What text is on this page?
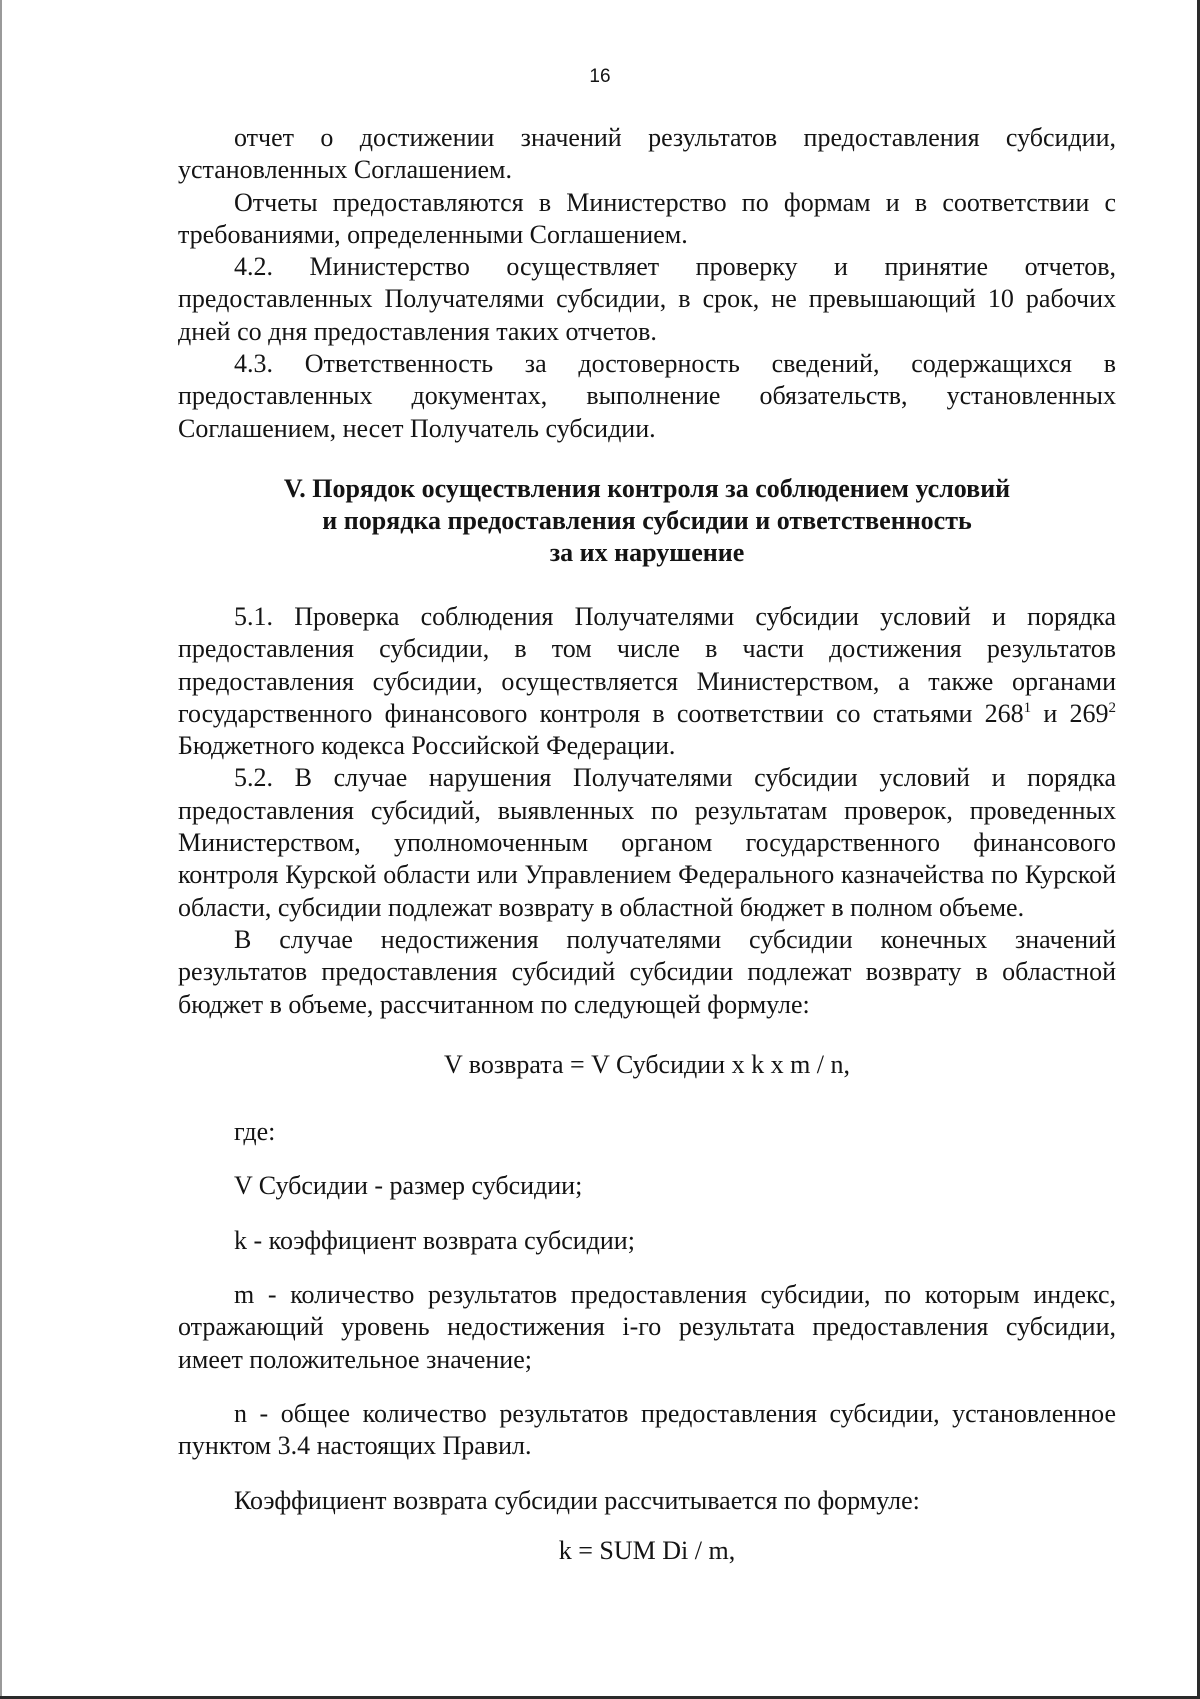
16

отчет о достижении значений результатов предоставления субсидии, установленных Соглашением.

Отчеты предоставляются в Министерство по формам и в соответствии с требованиями, определенными Соглашением.

4.2. Министерство осуществляет проверку и принятие отчетов, предоставленных Получателями субсидии, в срок, не превышающий 10 рабочих дней со дня предоставления таких отчетов.

4.3. Ответственность за достоверность сведений, содержащихся в предоставленных документах, выполнение обязательств, установленных Соглашением, несет Получатель субсидии.

V. Порядок осуществления контроля за соблюдением условий
и порядка предоставления субсидии и ответственность
за их нарушение

5.1. Проверка соблюдения Получателями субсидии условий и порядка предоставления субсидии, в том числе в части достижения результатов предоставления субсидии, осуществляется Министерством, а также органами государственного финансового контроля в соответствии со статьями $268^1$ и $269^2$ Бюджетного кодекса Российской Федерации.

5.2. В случае нарушения Получателями субсидии условий и порядка предоставления субсидий, выявленных по результатам проверок, проведенных Министерством, уполномоченным органом государственного финансового контроля Курской области или Управлением Федерального казначейства по Курской области, субсидии подлежат возврату в областной бюджет в полном объеме.

В случае недостижения получателями субсидии конечных значений результатов предоставления субсидий субсидии подлежат возврату в областной бюджет в объеме, рассчитанном по следующей формуле:

V возврата = V Субсидии x k x m / n,

где:

V Субсидии - размер субсидии;

k - коэффициент возврата субсидии;

m - количество результатов предоставления субсидии, по которым индекс, отражающий уровень недостижения i-го результата предоставления субсидии, имеет положительное значение;

n - общее количество результатов предоставления субсидии, установленное пунктом 3.4 настоящих Правил.

Коэффициент возврата субсидии рассчитывается по формуле:

k = SUM Di / m,
